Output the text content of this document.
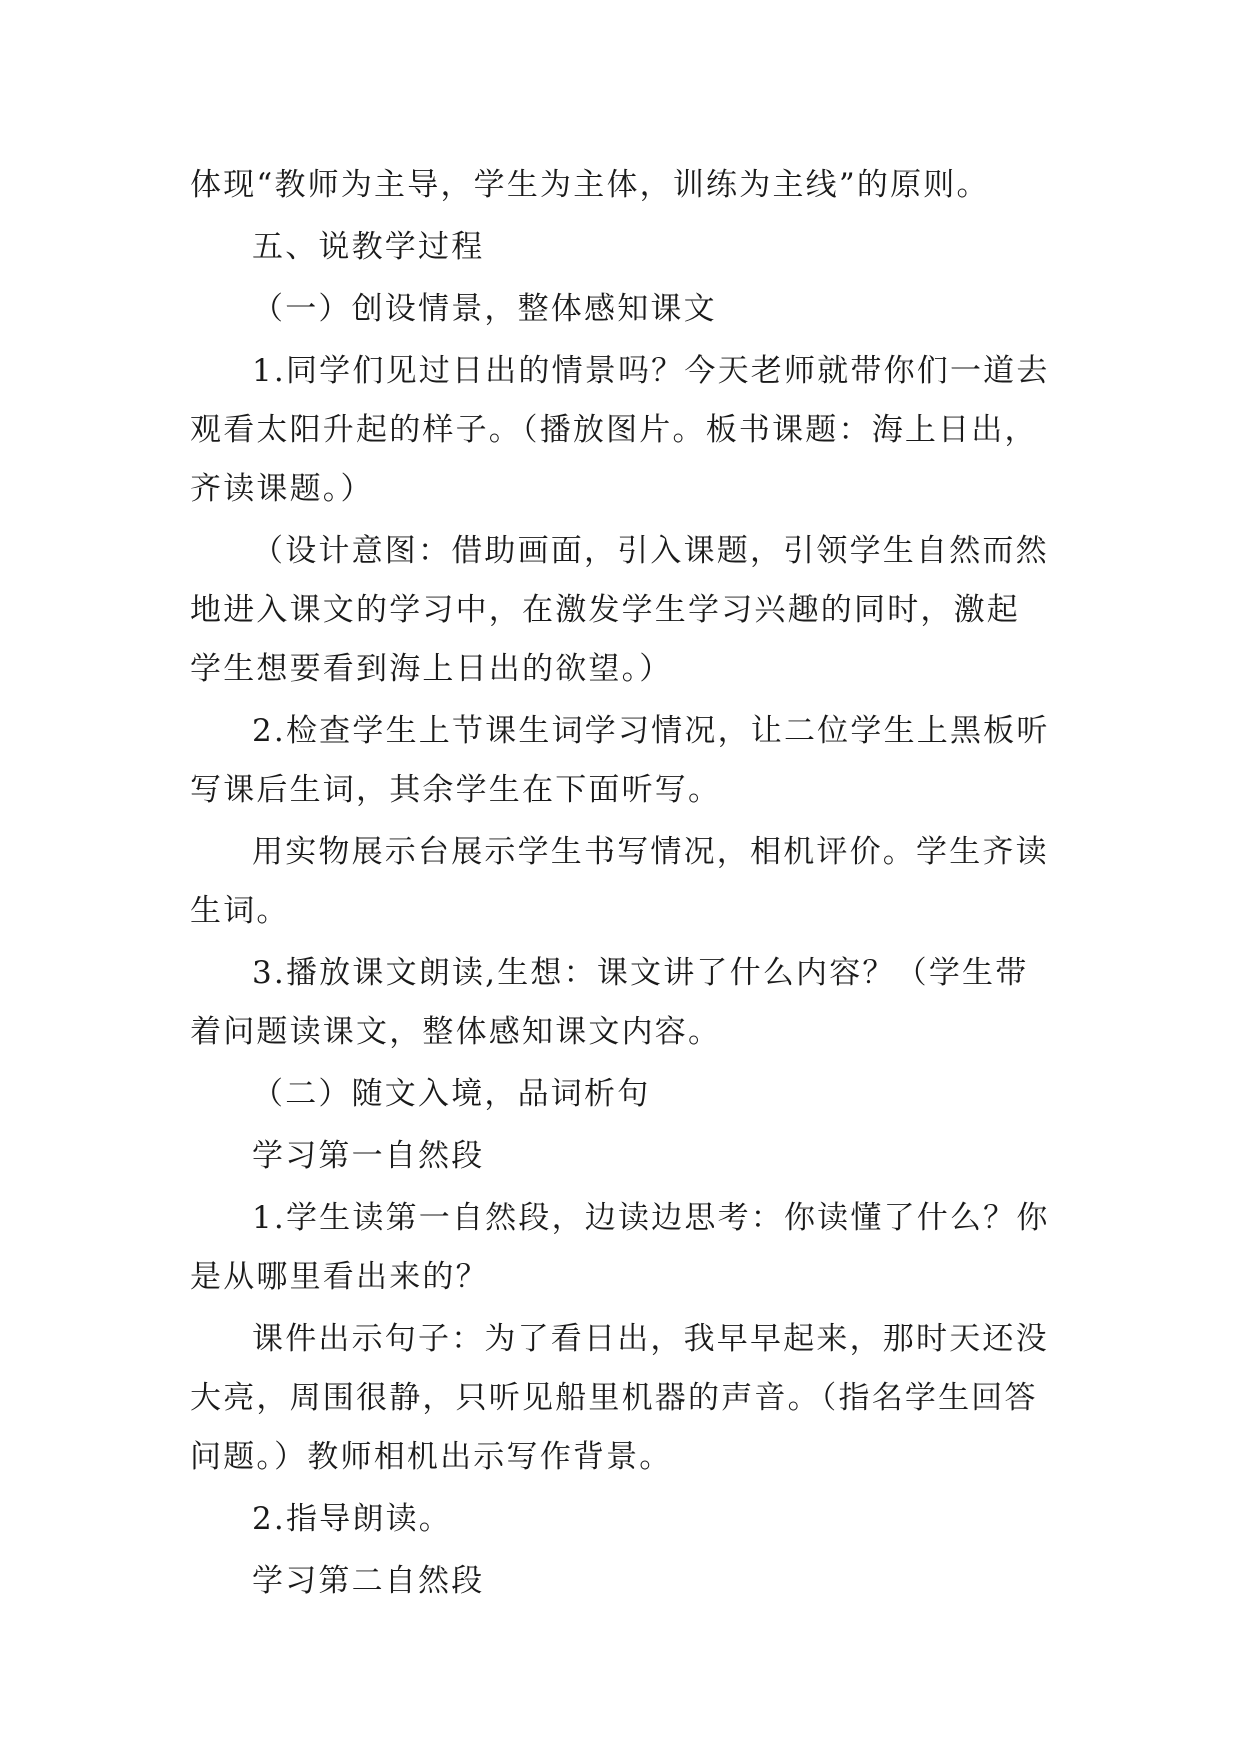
体现“教师为主导，学生为主体，训练为主线”的原则。

五、说教学过程

（一）创设情景，整体感知课文

1.同学们见过日出的情景吗？今天老师就带你们一道去观看太阳升起的样子。（播放图片。板书课题：海上日出，齐读课题。）

（设计意图：借助画面，引入课题，引领学生自然而然地进入课文的学习中，在激发学生学习兴趣的同时，激起学生想要看到海上日出的欲望。）

2.检查学生上节课生词学习情况，让二位学生上黑板听写课后生词，其余学生在下面听写。

用实物展示台展示学生书写情况，相机评价。学生齐读生词。

3.播放课文朗读,生想：课文讲了什么内容？（学生带着问题读课文，整体感知课文内容。

（二）随文入境，品词析句

学习第一自然段

1.学生读第一自然段，边读边思考：你读懂了什么？你是从哪里看出来的？

课件出示句子：为了看日出，我早早起来，那时天还没大亮，周围很静，只听见船里机器的声音。（指名学生回答问题。）教师相机出示写作背景。

2.指导朗读。

学习第二自然段
